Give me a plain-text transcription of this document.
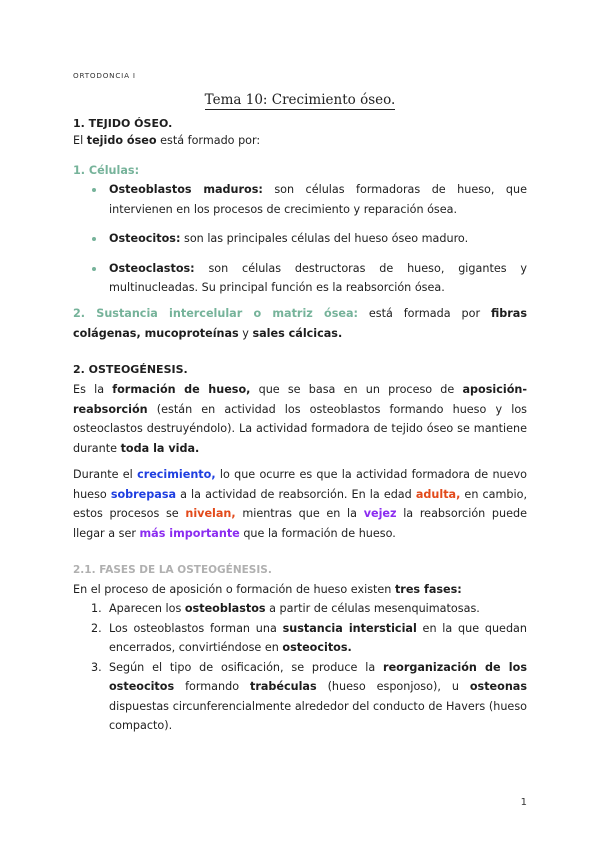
ORTODONCIA I
Tema 10: Crecimiento óseo.
1. TEJIDO ÓSEO.
El tejido óseo está formado por:
1. Células:
Osteoblastos maduros: son células formadoras de hueso, que intervienen en los procesos de crecimiento y reparación ósea.
Osteocitos: son las principales células del hueso óseo maduro.
Osteoclastos: son células destructoras de hueso, gigantes y multinucleadas. Su principal función es la reabsorción ósea.
2. Sustancia intercelular o matriz ósea: está formada por fibras colágenas, mucoproteínas y sales cálcicas.
2. OSTEOGÉNESIS.
Es la formación de hueso, que se basa en un proceso de aposición-reabsorción (están en actividad los osteoblastos formando hueso y los osteoclastos destruyéndolo). La actividad formadora de tejido óseo se mantiene durante toda la vida.
Durante el crecimiento, lo que ocurre es que la actividad formadora de nuevo hueso sobrepasa a la actividad de reabsorción. En la edad adulta, en cambio, estos procesos se nivelan, mientras que en la vejez la reabsorción puede llegar a ser más importante que la formación de hueso.
2.1. FASES DE LA OSTEOGÉNESIS.
En el proceso de aposición o formación de hueso existen tres fases:
1. Aparecen los osteoblastos a partir de células mesenquimatosas.
2. Los osteoblastos forman una sustancia intersticial en la que quedan encerrados, convirtiéndose en osteocitos.
3. Según el tipo de osificación, se produce la reorganización de los osteocitos formando trabéculas (hueso esponjoso), u osteonas dispuestas circunferencialmente alrededor del conducto de Havers (hueso compacto).
1
